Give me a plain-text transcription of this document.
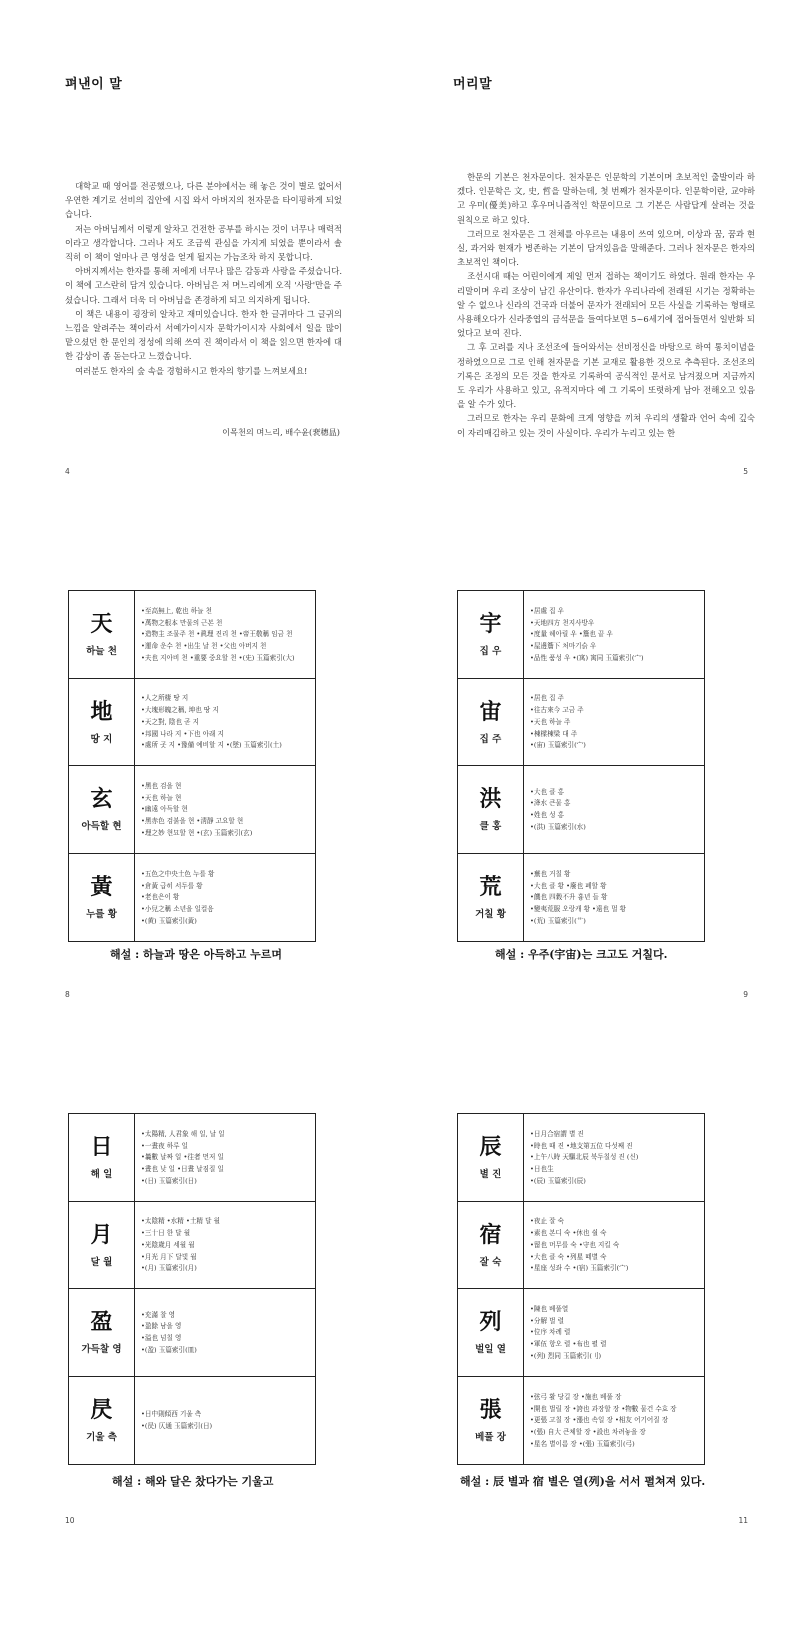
펴낸이 말

대학교 때 영어를 전공했으나, 다른 분야에서는 해 놓은 것이 별로 없어서 우연한 계기로 선비의 집안에 시집 와서 아버지의 천자문을 타이핑하게 되었습니다.

저는 아버님께서 이렇게 알차고 건전한 공부를 하시는 것이 너무나 매력적이라고 생각합니다. 그러나 저도 조금씩 관심을 가지게 되었을 뿐이라서 솔직히 이 책이 얼마나 큰 영성을 얻게 될지는 가늠조차 하지 못합니다.

아버지께서는 한자를 통해 저에게 너무나 많은 감동과 사랑을 주셨습니다. 이 책에 고스란히 담겨 있습니다. 아버님은 저 며느리에게 오직 '사랑'만을 주셨습니다. 그래서 더욱 더 아버님을 존경하게 되고 의지하게 됩니다.

이 책은 내용이 굉장히 알차고 재미있습니다. 한자 한 글귀마다 그 글귀의 느낌을 알려주는 책이라서 서예가이시자 문학가이시자 사회에서 일을 많이 맡으셨던 한 문인의 정성에 의해 쓰여 진 책이라서 이 책을 읽으면 한자에 대한 감상이 좀 돋는다고 느꼈습니다.

여러분도 한자의 숲 속을 경험하시고 한자의 향기를 느껴보세요!

이목천의 며느리, 배수윤(裵穗昷)
4
머리말

한문의 기본은 천자문이다. 천자문은 인문학의 기본이며 초보적인 출발이라 하겠다. 인문학은 文, 史, 哲을 말하는데, 첫 번째가 천자문이다. 인문학이란, 교야하고 우미(優美)하고 후우머니즘적인 학문이므로 그 기본은 사람답게 살려는 것을 원칙으로 하고 있다.

그러므로 천자문은 그 전체를 아우르는 내용이 쓰여 있으며, 이상과 꿈, 꿈과 현실, 과거와 현재가 병존하는 기본이 담겨있음을 말해준다. 그러나 천자문은 한자의 초보적인 책이다.

조선시대 때는 어린이에게 제일 먼저 접하는 책이기도 하였다. 원래 한자는 우리말이며 우리 조상이 남긴 유산이다. 한자가 우리나라에 전래된 시기는 정확하는 알 수 없으나 신라의 건국과 더불어 문자가 전래되어 모든 사실을 기록하는 형태로 사용해오다가 신라중엽의 금석문을 들여다보면 5~6세기에 접어들면서 일반화 되었다고 보여 진다.

그 후 고려를 지나 조선조에 들어와서는 선비정신을 바탕으로 하여 통치이념을 정하였으므로 그로 인해 천자문을 기본 교재로 활용한 것으로 추측된다. 조선조의 기록은 조정의 모든 것을 한자로 기록하여 공식적인 문서로 남겨졌으며 지금까지도 우리가 사용하고 있고, 유적지마다 예 그 기록이 또렷하게 남아 전해오고 있음을 알 수가 있다.

그러므로 한자는 우리 문화에 크게 영향을 끼쳐 우리의 생활과 언어 속에 깊숙이 자리매김하고 있는 것이 사실이다. 우리가 누리고 있는 한

5
天
하늘 천
•至高無上, 乾也 하늘 천
•萬物之根本 만물의 근본 천
•造物主 조물주 천 •眞理 진리 천 •帝王敬稱 임금 천
•運命 운수 천 •出生 날 천 •父也 아버지 천
•夫也 지아비 천 •重要 중요할 천 •(兂) 玉篇索引(大)
地
땅 지
•人之所棲 땅 지
•大塊形魄之稱, 坤也 땅 지
•天之對, 陰也 곧 지
•邦國 나라 지 •下也 아래 지
•處所 곳 지 •豫備 예비할 지 •(墜) 玉篇索引(土)
玄
아득할 현
•黑也 검을 현
•天也 하늘 현
•幽遠 아득할 현
•黑赤色 검붉을 현 •淸靜 고요할 현
•理之妙 현묘할 현 •(玄) 玉篇索引(玄)
黃
누를 황
•五色之中央土色 누를 황
•倉黃 급히 서두를 황
•老也은이 황
•小兒之稱 소년을 일컬음
•(黄) 玉篇索引(黃)
해설 : 하늘과 땅은 아득하고 누르며
8
宇
집 우
•居處 집 우
•天地四方 천지사방우
•度量 헤아릴 우 •簷也 끝 우
•屋邊簷下 처마기슭 우
•品性 품성 우 •(寓) 寓同 玉篇索引(宀)
宙
집 주
•居也 집 주
•往古來今 고금 주
•天也 하늘 주
•棟樑棟梁 대 주
•(宙) 玉篇索引(宀)
洪
클 홍
•大也 클 홍
•洚水 큰물 홍
•姓也 성 홍
•(洪) 玉篇索引(水)
荒
거칠 황
•蕪也 거칠 황
•大也 클 황 •廢也 폐할 황
•饑也 四穀不升 흉년 들 황
•變夷荒服 오랑캐 황 •遠也 멀 황
•(荒) 玉篇索引(艹)
해설 : 우주(宇宙)는 크고도 거칠다.
9
日
해 일
•太陽精, 人君象 해 일, 날 일
•一晝夜 하루 일
•曩數 날짜 일 •往者 먼저 일
•晝也 낮 일 •日晝 날짐질 일
•(日) 玉篇索引(日)
月
달 월
•太陰精 •水精 •土精 달 월
•三十日 한 달 월
•光陰歲月 세월 월
•月光 月下 달빛 월
•(月) 玉篇索引(月)
盈
가득찰 영
•充滿 찰 영
•盈餘 남을 영
•溢也 넘칠 영
•(盈) 玉篇索引(皿)
昃
기울 측
•日中則傾西 기울 측
•(昃) 仄通 玉篇索引(日)
해설 : 해와 달은 찼다가는 기울고
10
辰
별 진
•日月合宿謂 별 진
•時也 때 진 •地支第五位 다섯째 진
•上午八時 天驅北辰 북두칠성 진 (신)
•日也生
•(辰) 玉篇索引(辰)
宿
잘 숙
•夜止 잘 숙
•素也 본디 숙 •休也 쉴 숙
•留也 머무를 숙 •守也 지킬 숙
•大也 클 숙 •列星 떼별 숙
•星座 성좌 수 •(宿) 玉篇索引(宀)
列
벌일 열
•陳也 베풀열
•分解 벌 렬
•位序 차례 렬
•軍伍 항오 렬 •布也 펼 렬
•(列) 烈同 玉篇索引(刂)
張
베풀 장
•弦弓 활 당길 장 •施也 베풀 장
•開也 벌릴 장 •誇也 과장할 장 •物數 물건 수효 장
•更張 고칠 장 •漲也 속일 장 •相友 어기어질 장
•(張) 自大 큰체할 장 •設也 차려놓을 장
•星名 별이름 장 •(張) 玉篇索引(弓)
해설 : 辰 별과 宿 별은 열(列)을 서서 펼쳐져 있다.
11
